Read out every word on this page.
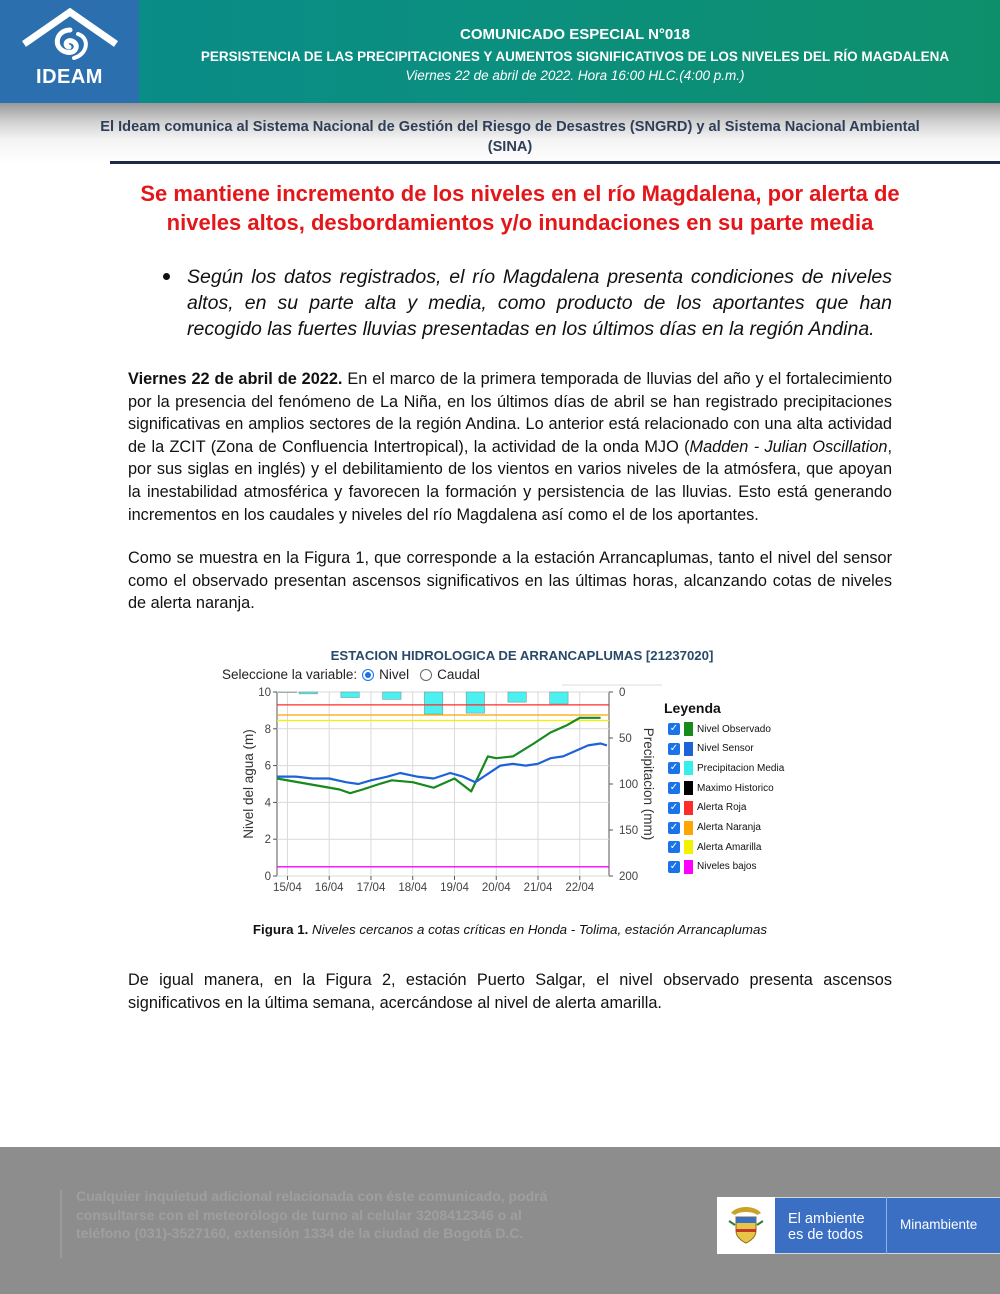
IDEAM
COMUNICADO ESPECIAL N°018
PERSISTENCIA DE LAS PRECIPITACIONES Y AUMENTOS SIGNIFICATIVOS DE LOS NIVELES DEL RÍO MAGDALENA
Viernes 22 de abril de 2022. Hora 16:00 HLC.(4:00 p.m.)
El Ideam comunica al Sistema Nacional de Gestión del Riesgo de Desastres (SNGRD) y al Sistema Nacional Ambiental (SINA)
Se mantiene incremento de los niveles en el río Magdalena, por alerta de niveles altos, desbordamientos y/o inundaciones en su parte media
Según los datos registrados, el río Magdalena presenta condiciones de niveles altos, en su parte alta y media, como producto de los aportantes que han recogido las fuertes lluvias presentadas en los últimos días en la región Andina.
Viernes 22 de abril de 2022. En el marco de la primera temporada de lluvias del año y el fortalecimiento por la presencia del fenómeno de La Niña, en los últimos días de abril se han registrado precipitaciones significativas en amplios sectores de la región Andina. Lo anterior está relacionado con una alta actividad de la ZCIT (Zona de Confluencia Intertropical), la actividad de la onda MJO (Madden - Julian Oscillation, por sus siglas en inglés) y el debilitamiento de los vientos en varios niveles de la atmósfera, que apoyan la inestabilidad atmosférica y favorecen la formación y persistencia de las lluvias. Esto está generando incrementos en los caudales y niveles del río Magdalena así como el de los aportantes.
Como se muestra en la Figura 1, que corresponde a la estación Arrancaplumas, tanto el nivel del sensor como el observado presentan ascensos significativos en las últimas horas, alcanzando cotas de niveles de alerta naranja.
ESTACION HIDROLOGICA DE ARRANCAPLUMAS [21237020]
Seleccione la variable: Nivel Caudal
0
2
4
6
8
10	0
50
100
150
200
15/04 16/04 17/04 18/04 19/04 20/04 21/04 22/04
Nivel del agua (m)	Precipitacion (mm)
Leyenda
✓ Nivel Observado
✓ Nivel Sensor
✓ Precipitacion Media
✓ Maximo Historico
✓ Alerta Roja
✓ Alerta Naranja
✓ Alerta Amarilla
✓ Niveles bajos
Figura 1. Niveles cercanos a cotas críticas en Honda - Tolima, estación Arrancaplumas
De igual manera, en la Figura 2, estación Puerto Salgar, el nivel observado presenta ascensos significativos en la última semana, acercándose al nivel de alerta amarilla.
Cualquier inquietud adicional relacionada con éste comunicado, podrá consultarse con el meteorólogo de turno al celular 3208412346 o al teléfono (031)-3527160, extensión 1334 de la ciudad de Bogotá D.C.
El ambiente
es de todos
Minambiente
